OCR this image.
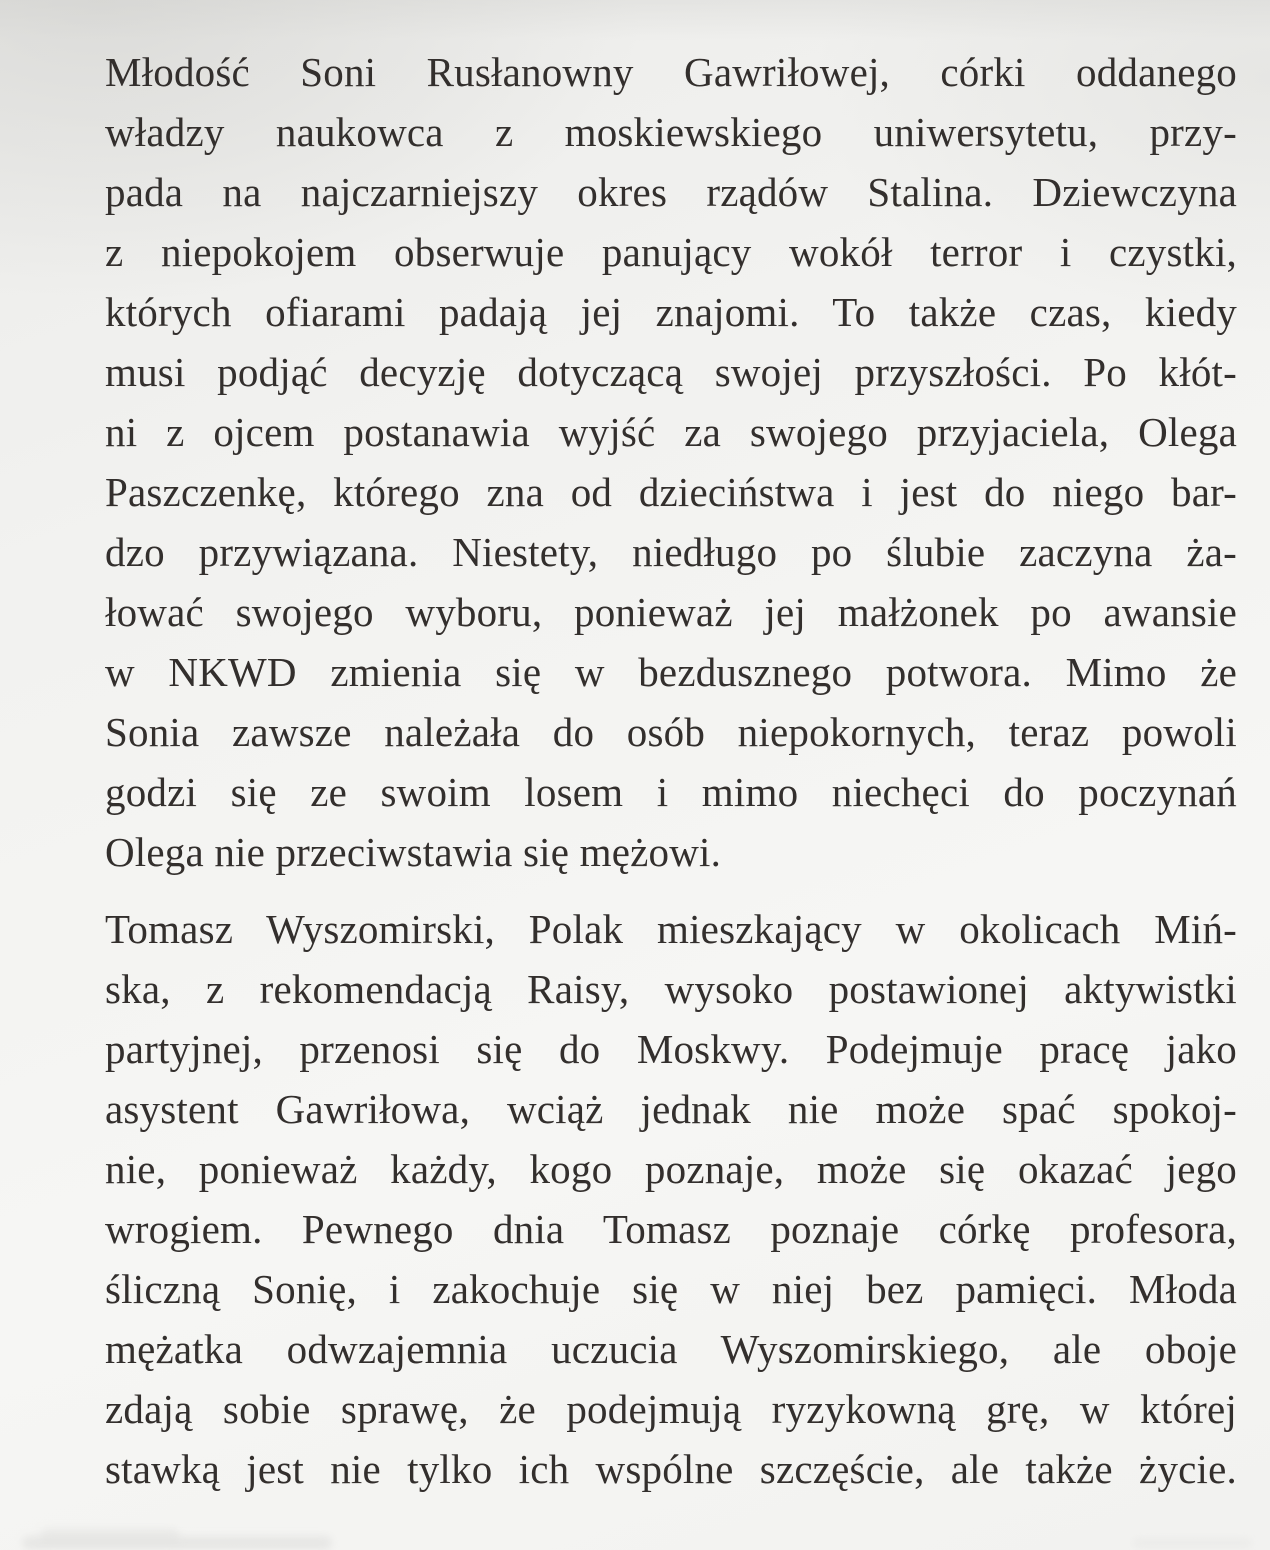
Młodość Soni Rusłanowny Gawriłowej, córki oddanego
władzy naukowca z moskiewskiego uniwersytetu, przy-
pada na najczarniejszy okres rządów Stalina. Dziewczyna
z niepokojem obserwuje panujący wokół terror i czystki,
których ofiarami padają jej znajomi. To także czas, kiedy
musi podjąć decyzję dotyczącą swojej przyszłości. Po kłót-
ni z ojcem postanawia wyjść za swojego przyjaciela, Olega
Paszczenkę, którego zna od dzieciństwa i jest do niego bar-
dzo przywiązana. Niestety, niedługo po ślubie zaczyna ża-
łować swojego wyboru, ponieważ jej małżonek po awansie
w NKWD zmienia się w bezdusznego potwora. Mimo że
Sonia zawsze należała do osób niepokornych, teraz powoli
godzi się ze swoim losem i mimo niechęci do poczynań
Olega nie przeciwstawia się mężowi.
Tomasz Wyszomirski, Polak mieszkający w okolicach Miń-
ska, z rekomendacją Raisy, wysoko postawionej aktywistki
partyjnej, przenosi się do Moskwy. Podejmuje pracę jako
asystent Gawriłowa, wciąż jednak nie może spać spokoj-
nie, ponieważ każdy, kogo poznaje, może się okazać jego
wrogiem. Pewnego dnia Tomasz poznaje córkę profesora,
śliczną Sonię, i zakochuje się w niej bez pamięci. Młoda
mężatka odwzajemnia uczucia Wyszomirskiego, ale oboje
zdają sobie sprawę, że podejmują ryzykowną grę, w której
stawką jest nie tylko ich wspólne szczęście, ale także życie.
